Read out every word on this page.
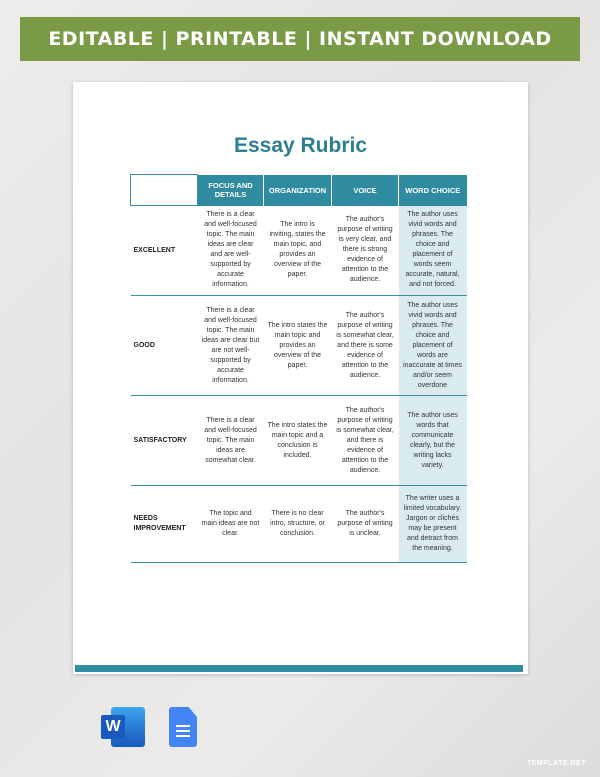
EDITABLE | PRINTABLE | INSTANT DOWNLOAD
Essay Rubric
	FOCUS AND DETAILS	ORGANIZATION	VOICE	WORD CHOICE
EXCELLENT	There is a clear and well-focused topic. The main ideas are clear and are well-supported by accurate information.	The intro is inviting, states the main topic, and provides an overview of the paper.	The author's purpose of writing is very clear, and there is strong evidence of attention to the audience.	The author uses vivid words and phrases. The choice and placement of words seem accurate, natural, and not forced.
GOOD	There is a clear and well-focused topic. The main ideas are clear but are not well-supported by accurate information.	The intro states the main topic and provides an overview of the paper.	The author's purpose of writing is somewhat clear, and there is some evidence of attention to the audience.	The author uses vivid words and phrases. The choice and placement of words are inaccurate at times and/or seem overdone
SATISFACTORY	There is a clear and well-focused topic. The main ideas are somewhat clear.	The intro states the main topic and a conclusion is included.	The author's purpose of writing is somewhat clear, and there is evidence of attention to the audience.	The author uses words that communicate clearly, but the writing lacks variety.
NEEDS IMPROVEMENT	The topic and main ideas are not clear.	There is no clear intro, structure, or conclusion.	The author's purpose of writing is unclear.	The writer uses a limited vocabulary. Jargon or clichés may be present and detract from the meaning.
W
TEMPLATE.NET
